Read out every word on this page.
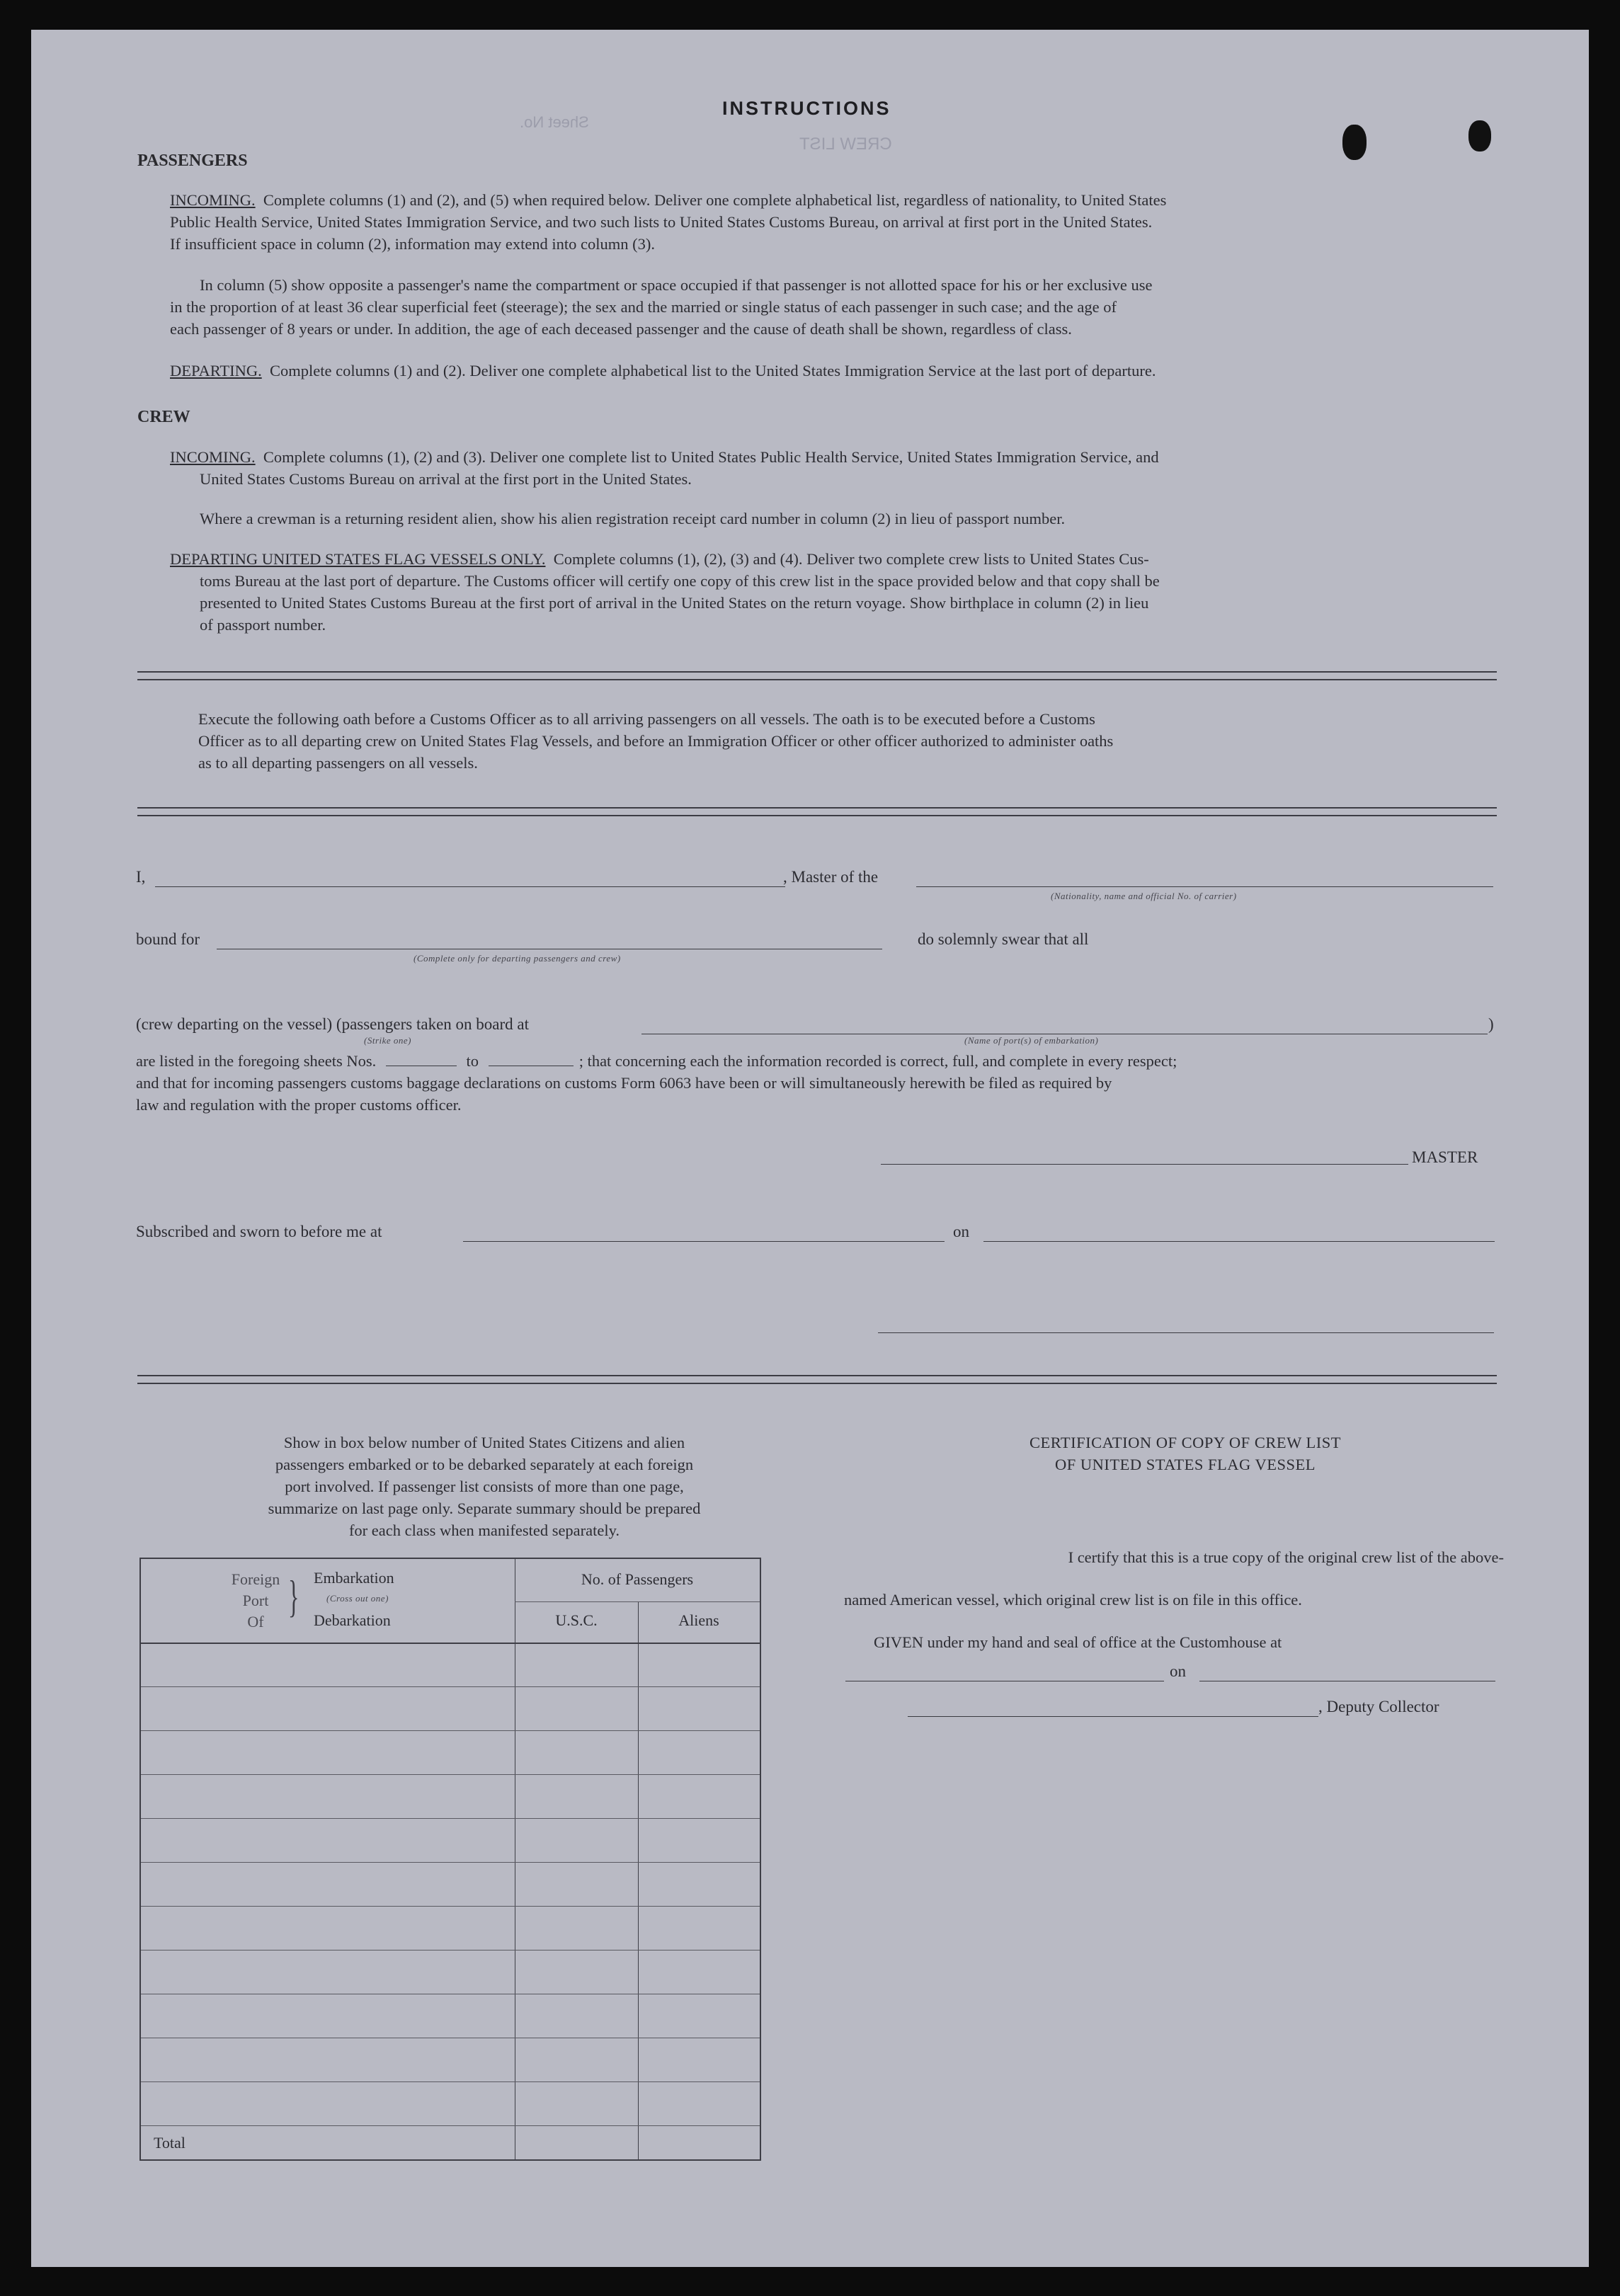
CREW LIST
Sheet No.
INSTRUCTIONS
PASSENGERS
INCOMING. Complete columns (1) and (2), and (5) when required below. Deliver one complete alphabetical list, regardless of nationality, to United States
Public Health Service, United States Immigration Service, and two such lists to United States Customs Bureau, on arrival at first port in the United States.
If insufficient space in column (2), information may extend into column (3).
In column (5) show opposite a passenger's name the compartment or space occupied if that passenger is not allotted space for his or her exclusive use
in the proportion of at least 36 clear superficial feet (steerage); the sex and the married or single status of each passenger in such case; and the age of
each passenger of 8 years or under. In addition, the age of each deceased passenger and the cause of death shall be shown, regardless of class.
DEPARTING. Complete columns (1) and (2). Deliver one complete alphabetical list to the United States Immigration Service at the last port of departure.
CREW
INCOMING. Complete columns (1), (2) and (3). Deliver one complete list to United States Public Health Service, United States Immigration Service, and
United States Customs Bureau on arrival at the first port in the United States.
Where a crewman is a returning resident alien, show his alien registration receipt card number in column (2) in lieu of passport number.
DEPARTING UNITED STATES FLAG VESSELS ONLY. Complete columns (1), (2), (3) and (4). Deliver two complete crew lists to United States Cus-
toms Bureau at the last port of departure. The Customs officer will certify one copy of this crew list in the space provided below and that copy shall be
presented to United States Customs Bureau at the first port of arrival in the United States on the return voyage. Show birthplace in column (2) in lieu
of passport number.
Execute the following oath before a Customs Officer as to all arriving passengers on all vessels. The oath is to be executed before a Customs
Officer as to all departing crew on United States Flag Vessels, and before an Immigration Officer or other officer authorized to administer oaths
as to all departing passengers on all vessels.
I,	, Master of the
(Nationality, name and official No. of carrier)
bound for
(Complete only for departing passengers and crew)
do solemnly swear that all
(crew departing on the vessel) (passengers taken on board at	)
(Strike one)	(Name of port(s) of embarkation)
are listed in the foregoing sheets Nos.	to	; that concerning each the information recorded is correct, full, and complete in every respect;
and that for incoming passengers customs baggage declarations on customs Form 6063 have been or will simultaneously herewith be filed as required by
law and regulation with the proper customs officer.
MASTER
Subscribed and sworn to before me at	on
Show in box below number of United States Citizens and alien
passengers embarked or to be debarked separately at each foreign
port involved. If passenger list consists of more than one page,
summarize on last page only. Separate summary should be prepared
for each class when manifested separately.
Foreign
Port
Of
} Embarkation
(Cross out one)
Debarkation
No. of Passengers
U.S.C.	Aliens
Total
CERTIFICATION OF COPY OF CREW LIST
OF UNITED STATES FLAG VESSEL
I certify that this is a true copy of the original crew list of the above-
named American vessel, which original crew list is on file in this office.
GIVEN under my hand and seal of office at the Customhouse at
on
, Deputy Collector
